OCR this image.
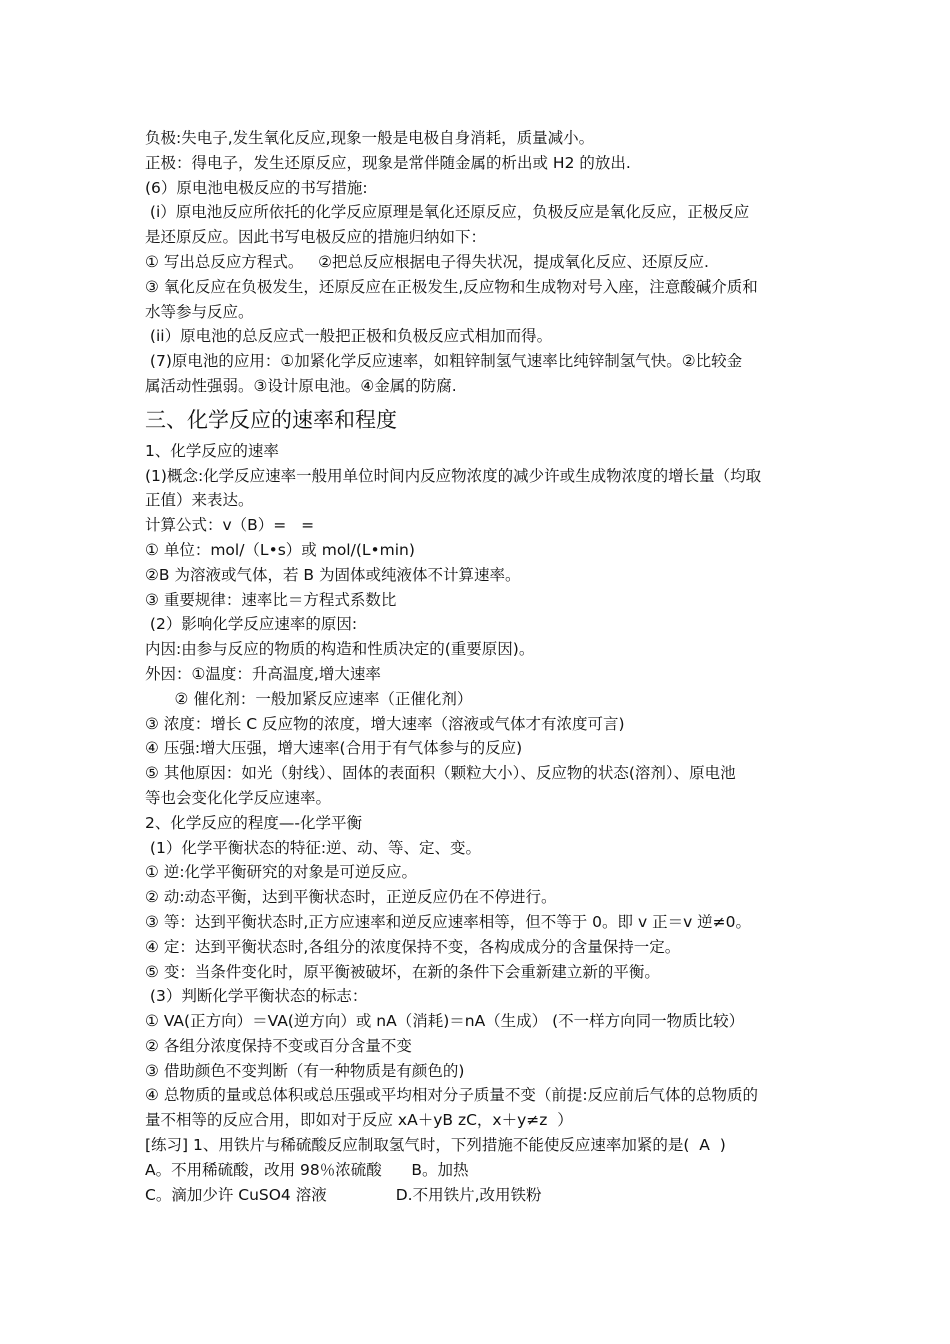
负极:失电子,发生氧化反应,现象一般是电极自身消耗，质量减小。
正极：得电子，发生还原反应，现象是常伴随金属的析出或 H2 的放出.
(6）原电池电极反应的书写措施:
(i）原电池反应所依托的化学反应原理是氧化还原反应，负极反应是氧化反应，正极反应
是还原反应。因此书写电极反应的措施归纳如下：
① 写出总反应方程式。   ②把总反应根据电子得失状况，提成氧化反应、还原反应.
③ 氧化反应在负极发生，还原反应在正极发生,反应物和生成物对号入座，注意酸碱介质和
水等参与反应。
(ii）原电池的总反应式一般把正极和负极反应式相加而得。
(7)原电池的应用：①加紧化学反应速率，如粗锌制氢气速率比纯锌制氢气快。②比较金
属活动性强弱。③设计原电池。④金属的防腐.
三、化学反应的速率和程度
1、化学反应的速率
(1)概念:化学反应速率一般用单位时间内反应物浓度的减少许或生成物浓度的增长量（均取
正值）来表达。
计算公式：v（B）=   =
① 单位：mol/（L•s）或 mol/(L•min)
②B 为溶液或气体，若 B 为固体或纯液体不计算速率。
③ 重要规律：速率比＝方程式系数比
(2）影响化学反应速率的原因:
内因:由参与反应的物质的构造和性质决定的(重要原因)。
外因：①温度：升高温度,增大速率
② 催化剂：一般加紧反应速率（正催化剂）
③ 浓度：增长 C 反应物的浓度，增大速率（溶液或气体才有浓度可言)
④ 压强:增大压强，增大速率(合用于有气体参与的反应)
⑤ 其他原因：如光（射线）、固体的表面积（颗粒大小）、反应物的状态(溶剂）、原电池
等也会变化化学反应速率。
2、化学反应的程度—-化学平衡
(1）化学平衡状态的特征:逆、动、等、定、变。
① 逆:化学平衡研究的对象是可逆反应。
② 动:动态平衡，达到平衡状态时，正逆反应仍在不停进行。
③ 等：达到平衡状态时,正方应速率和逆反应速率相等，但不等于 0。即 v 正＝v 逆≠0。
④ 定：达到平衡状态时,各组分的浓度保持不变，各构成成分的含量保持一定。
⑤ 变：当条件变化时，原平衡被破坏，在新的条件下会重新建立新的平衡。
(3）判断化学平衡状态的标志：
① VA(正方向）＝VA(逆方向）或 nA（消耗)＝nA（生成） (不一样方向同一物质比较）
② 各组分浓度保持不变或百分含量不变
③ 借助颜色不变判断（有一种物质是有颜色的)
④ 总物质的量或总体积或总压强或平均相对分子质量不变（前提:反应前后气体的总物质的
量不相等的反应合用，即如对于反应 xA＋yB zC，x＋y≠z  ）
[练习] 1、用铁片与稀硫酸反应制取氢气时，下列措施不能使反应速率加紧的是(  A  )
A。不用稀硫酸，改用 98％浓硫酸      B。加热
C。滴加少许 CuSO4 溶液              D.不用铁片,改用铁粉
